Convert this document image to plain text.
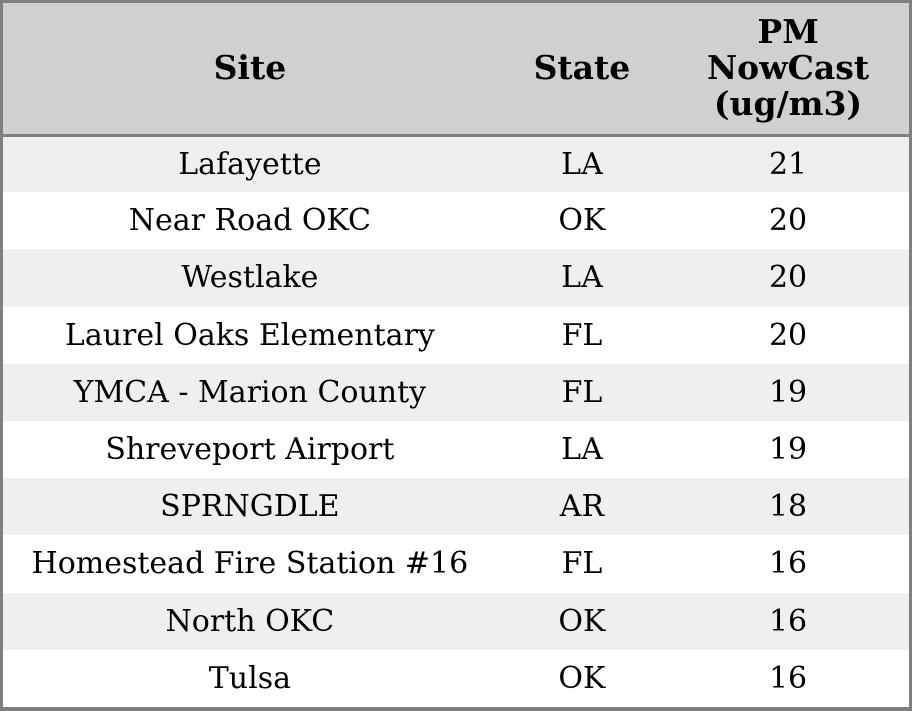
Site	State	PM
NowCast
(ug/m3)

Lafayette	LA	21
Near Road OKC	OK	20
Westlake	LA	20
Laurel Oaks Elementary	FL	20
YMCA - Marion County	FL	19
Shreveport Airport	LA	19
SPRNGDLE	AR	18
Homestead Fire Station #16	FL	16
North OKC	OK	16
Tulsa	OK	16
